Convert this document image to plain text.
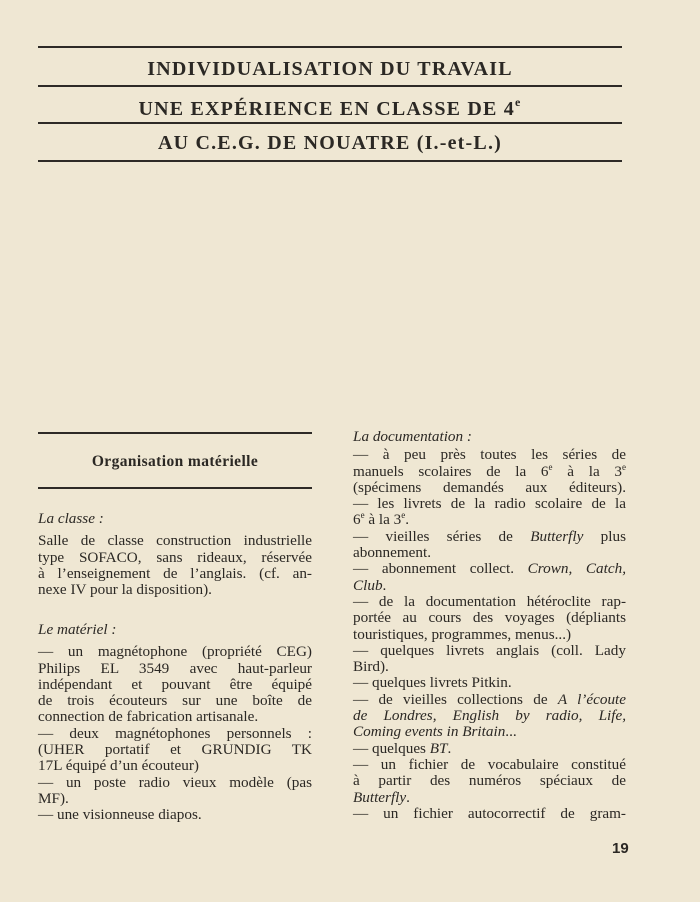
INDIVIDUALISATION DU TRAVAIL
UNE EXPÉRIENCE EN CLASSE DE 4e
AU C.E.G. DE NOUATRE (I.-et-L.)
Organisation matérielle
La classe :
Salle de classe construction industrielle
type SOFACO, sans rideaux, réservée
à l’enseignement de l’anglais. (cf. an-
nexe IV pour la disposition).
Le matériel :
— un magnétophone (propriété CEG)
Philips EL 3549 avec haut-parleur
indépendant et pouvant être équipé
de trois écouteurs sur une boîte de
connection de fabrication artisanale.
— deux magnétophones personnels :
(UHER portatif et GRUNDIG TK
17L équipé d’un écouteur)
— un poste radio vieux modèle (pas
MF).
— une visionneuse diapos.
La documentation :
— à peu près toutes les séries de
manuels scolaires de la 6e à la 3e
(spécimens demandés aux éditeurs).
— les livrets de la radio scolaire de la
6e à la 3e.
— vieilles séries de Butterfly plus
abonnement.
— abonnement collect. Crown, Catch,
Club.
— de la documentation hétéroclite rap-
portée au cours des voyages (dépliants
touristiques, programmes, menus...)
— quelques livrets anglais (coll. Lady
Bird).
— quelques livrets Pitkin.
— de vieilles collections de A l’écoute
de Londres, English by radio, Life,
Coming events in Britain...
— quelques BT.
— un fichier de vocabulaire constitué
à partir des numéros spéciaux de
Butterfly.
— un fichier autocorrectif de gram-
19
